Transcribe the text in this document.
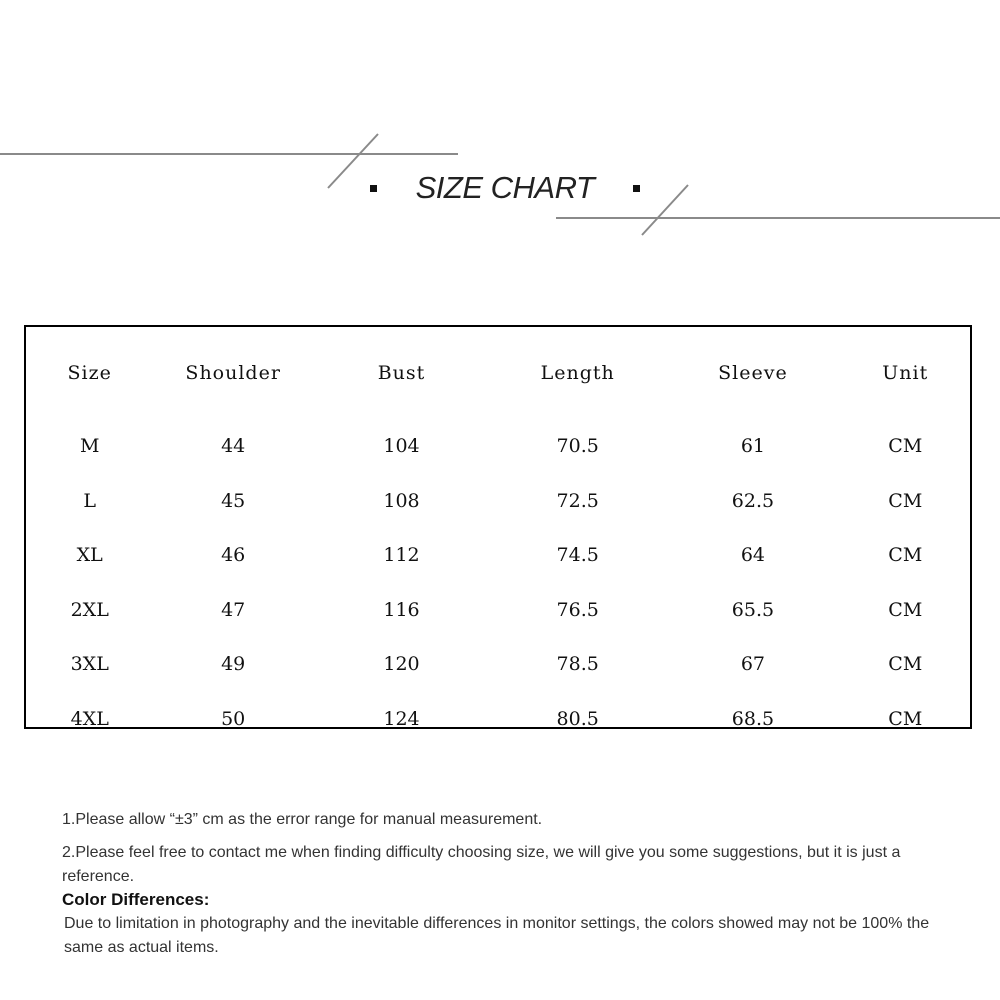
SIZE CHART
Size	Shoulder	Bust	Length	Sleeve	Unit
M	44	104	70.5	61	CM
L	45	108	72.5	62.5	CM
XL	46	112	74.5	64	CM
2XL	47	116	76.5	65.5	CM
3XL	49	120	78.5	67	CM
4XL	50	124	80.5	68.5	CM

1.Please allow “±3” cm as the error range for manual measurement.

2.Please feel free to contact me when finding difficulty choosing size, we will give you some suggestions, but it is just a reference.

Color Differences:

Due to limitation in photography and the inevitable differences in monitor settings, the colors showed may not be 100% the same as actual items.
